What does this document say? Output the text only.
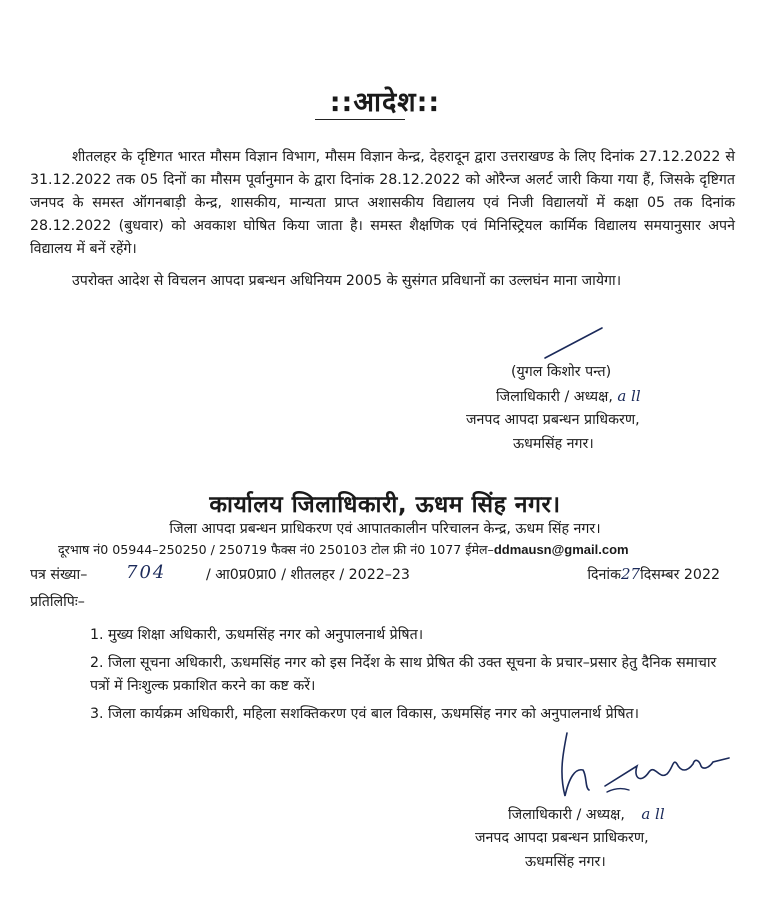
::आदेश::
शीतलहर के दृष्टिगत भारत मौसम विज्ञान विभाग, मौसम विज्ञान केन्द्र, देहरादून द्वारा उत्तराखण्ड के लिए दिनांक 27.12.2022 से 31.12.2022 तक 05 दिनों का मौसम पूर्वानुमान के द्वारा दिनांक 28.12.2022 को ओरैन्ज अलर्ट जारी किया गया हैं, जिसके दृष्टिगत जनपद के समस्त ऑगनबाड़ी केन्द्र, शासकीय, मान्यता प्राप्त अशासकीय विद्यालय एवं निजी विद्यालयों में कक्षा 05 तक दिनांक 28.12.2022 (बुधवार) को अवकाश घोषित किया जाता है। समस्त शैक्षणिक एवं मिनिस्ट्रियल कार्मिक विद्यालय समयानुसार अपने विद्यालय में बनें रहेंगे।
उपरोक्त आदेश से विचलन आपदा प्रबन्धन अधिनियम 2005 के सुसंगत प्रविधानों का उल्लघंन माना जायेगा।
(युगल किशोर पन्त)
जिलाधिकारी / अध्यक्ष, a ll
जनपद आपदा प्रबन्धन प्राधिकरण,
ऊधमसिंह नगर।
कार्यालय जिलाधिकारी, ऊधम सिंह नगर।
जिला आपदा प्रबन्धन प्राधिकरण एवं आपातकालीन परिचालन केन्द्र, ऊधम सिंह नगर।
दूरभाष नं0 05944–250250 / 250719 फैक्स नं0 250103 टोल फ्री नं0 1077 ईमेल–ddmausn@gmail.com
पत्र संख्या– 704	/ आ0प्र0प्रा0 / शीतलहर / 2022–23	दिनांक27दिसम्बर 2022
प्रतिलिपिः–

1. मुख्य शिक्षा अधिकारी, ऊधमसिंह नगर को अनुपालनार्थ प्रेषित।

2. जिला सूचना अधिकारी, ऊधमसिंह नगर को इस निर्देश के साथ प्रेषित की उक्त सूचना के प्रचार–प्रसार हेतु दैनिक समाचार पत्रों में निःशुल्क प्रकाशित करने का कष्ट करें।

3. जिला कार्यक्रम अधिकारी, महिला सशक्तिकरण एवं बाल विकास, ऊधमसिंह नगर को अनुपालनार्थ प्रेषित।

जिलाधिकारी / अध्यक्ष, a ll
जनपद आपदा प्रबन्धन प्राधिकरण,
ऊधमसिंह नगर।
